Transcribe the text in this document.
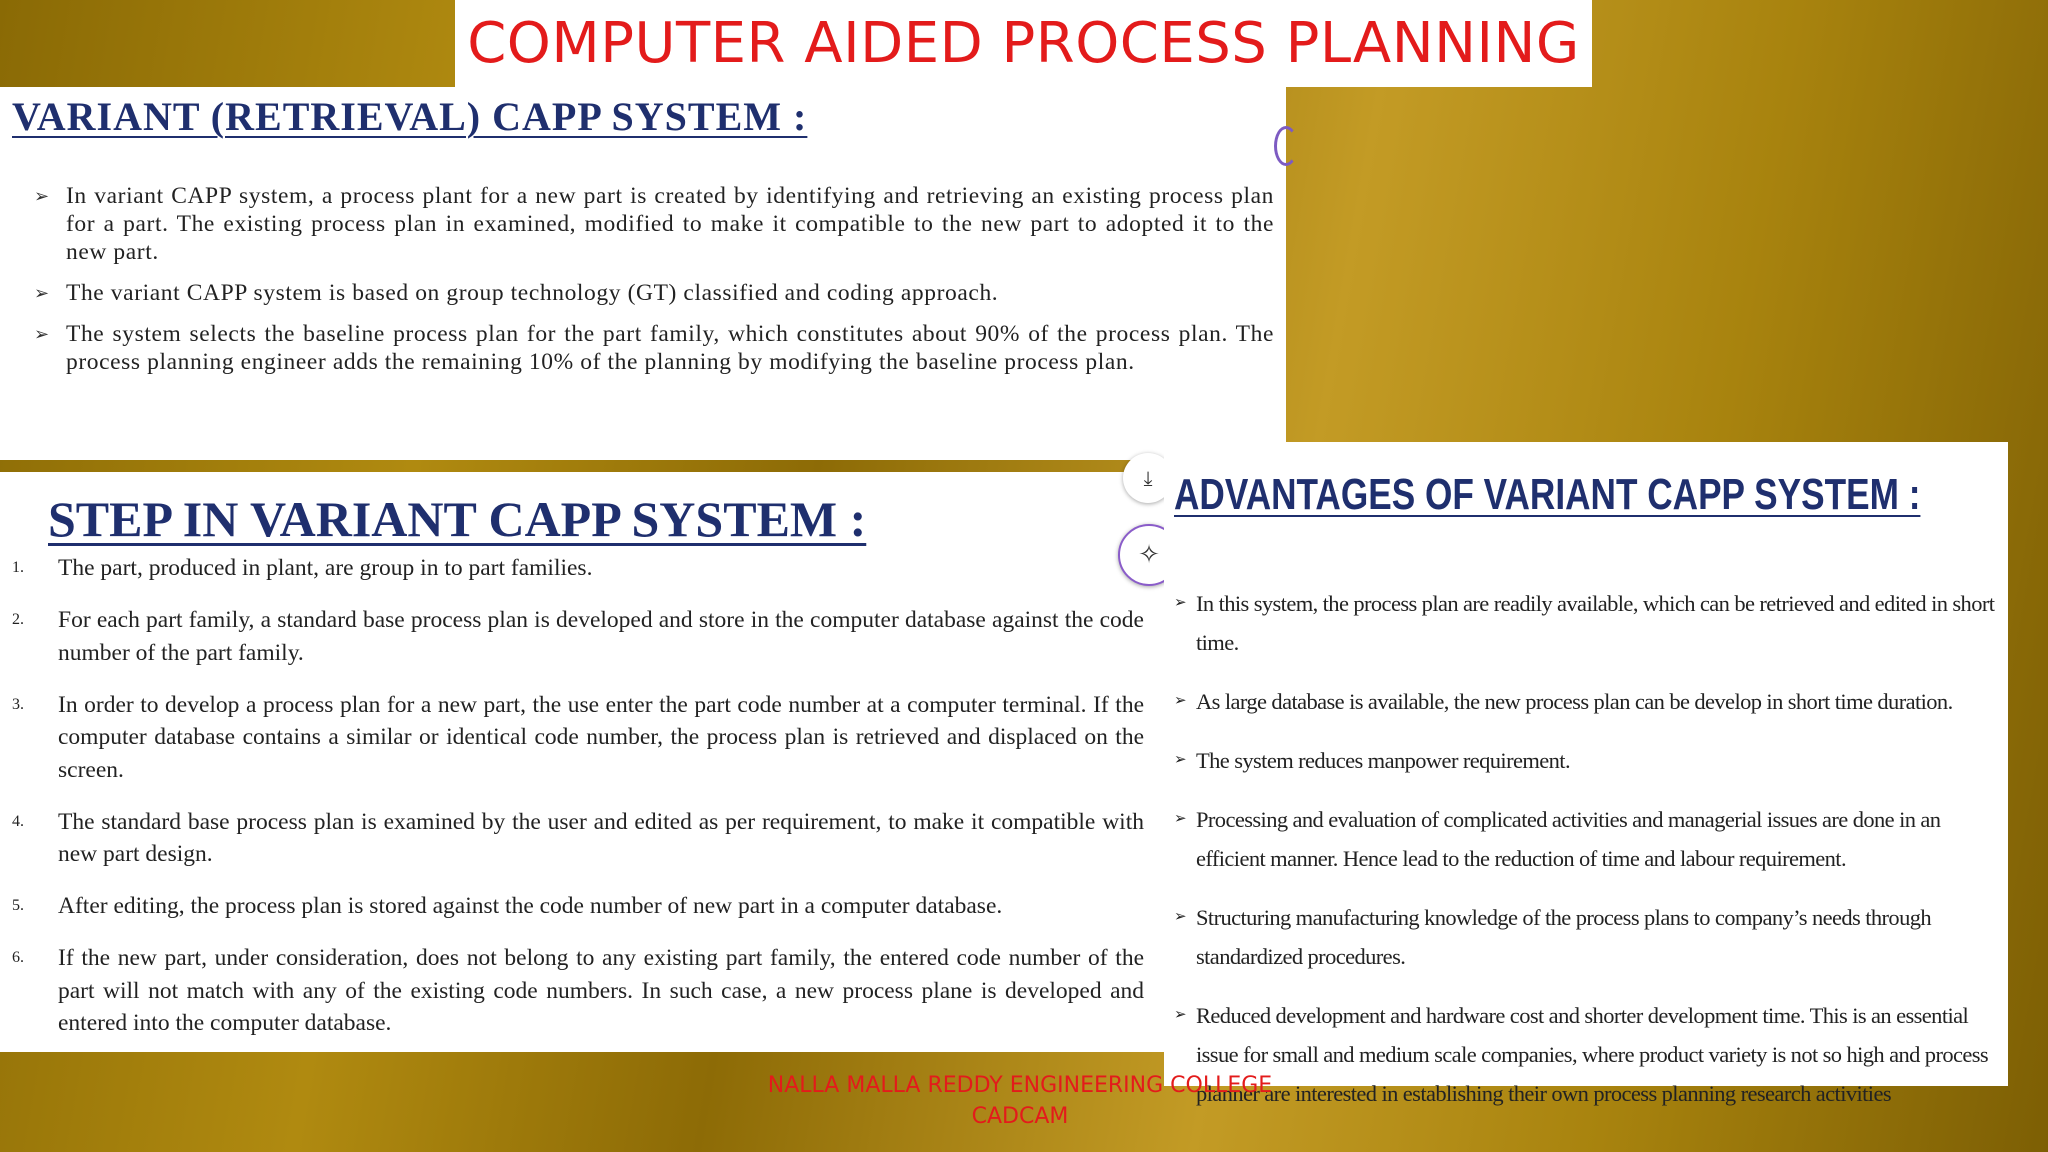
COMPUTER AIDED PROCESS PLANNING
VARIANT (RETRIEVAL) CAPP SYSTEM :
➢ In variant CAPP system, a process plant for a new part is created by identifying and retrieving an existing process plan for a part. The existing process plan in examined, modified to make it compatible to the new part to adopted it to the new part.
➢ The variant CAPP system is based on group technology (GT) classified and coding approach.
➢ The system selects the baseline process plan for the part family, which constitutes about 90% of the process plan. The process planning engineer adds the remaining 10% of the planning by modifying the baseline process plan.
STEP IN VARIANT CAPP SYSTEM :
1. The part, produced in plant, are group in to part families.
2. For each part family, a standard base process plan is developed and store in the computer database against the code number of the part family.
3. In order to develop a process plan for a new part, the use enter the part code number at a computer terminal. If the computer database contains a similar or identical code number, the process plan is retrieved and displaced on the screen.
4. The standard base process plan is examined by the user and edited as per requirement, to make it compatible with new part design.
5. After editing, the process plan is stored against the code number of new part in a computer database.
6. If the new part, under consideration, does not belong to any existing part family, the entered code number of the part will not match with any of the existing code numbers. In such case, a new process plane is developed and entered into the computer database.
⤓
✧
ADVANTAGES OF VARIANT CAPP SYSTEM :
➢ In this system, the process plan are readily available, which can be retrieved and edited in short time.
➢ As large database is available, the new process plan can be develop in short time duration.
➢ The system reduces manpower requirement.
➢ Processing and evaluation of complicated activities and managerial issues are done in an efficient manner. Hence lead to the reduction of time and labour requirement.
➢ Structuring manufacturing knowledge of the process plans to company’s needs through standardized procedures.
➢ Reduced development and hardware cost and shorter development time. This is an essential issue for small and medium scale companies, where product variety is not so high and process planner are interested in establishing their own process planning research activities
NALLA MALLA REDDY ENGINEERING COLLEGE
CADCAM
